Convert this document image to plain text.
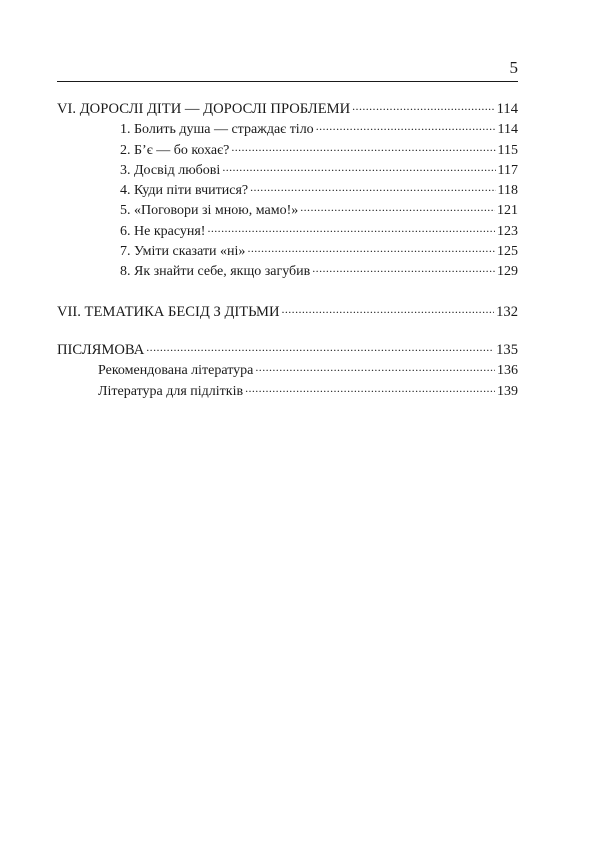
5
VI. ДОРОСЛІ ДІТИ — ДОРОСЛІ ПРОБЛЕМИ .....	114
1. Болить душа — страждає тіло .....	114
2. Б’є — бо кохає? .....	115
3. Досвід любові .....	117
4. Куди піти вчитися? .....	118
5. «Поговори зі мною, мамо!» .....	121
6. Не красуня! .....	123
7. Уміти сказати «ні» .....	125
8. Як знайти себе, якщо загубив .....	129
VII. ТЕМАТИКА БЕСІД З ДІТЬМИ .....	132
ПІСЛЯМОВА .....	135
Рекомендована література .....	136
Література для підлітків .....	139
